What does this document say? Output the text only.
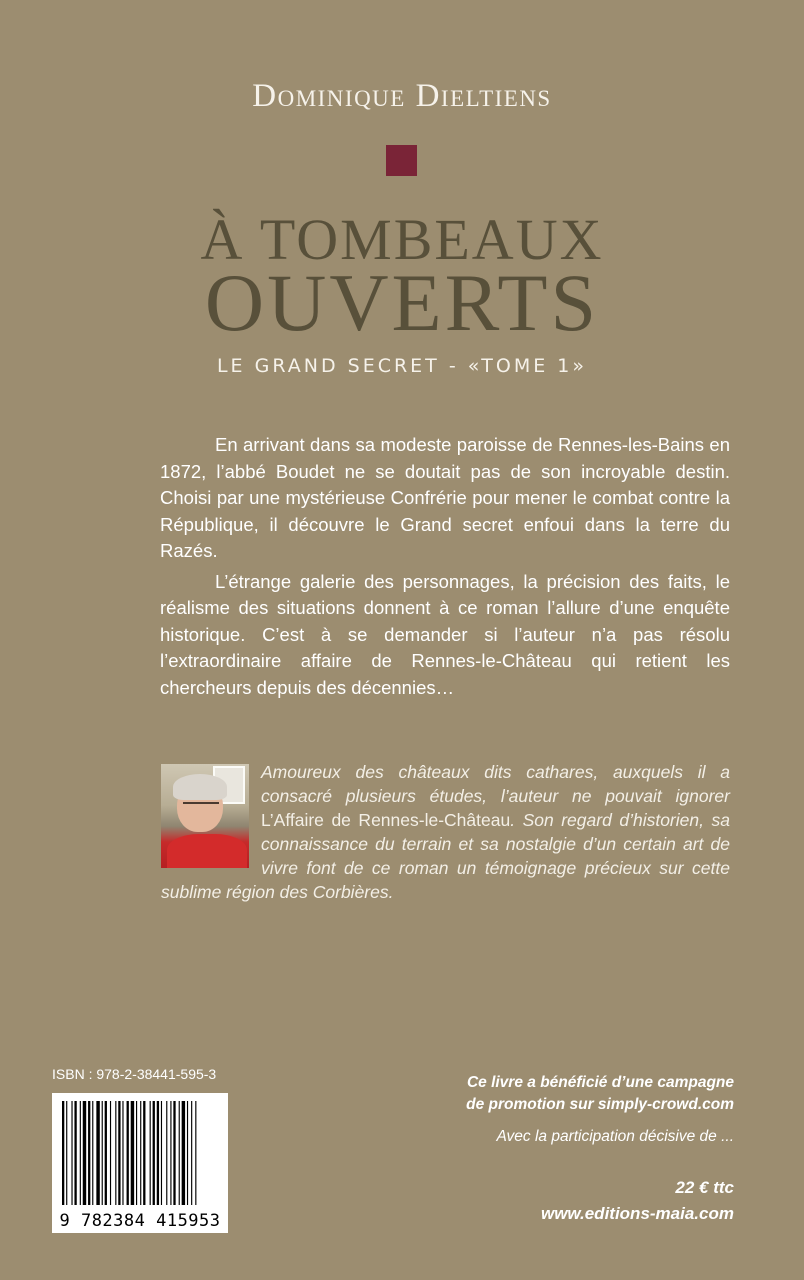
Dominique Dieltiens
À TOMBEAUX
OUVERTS
LE GRAND SECRET - «TOME 1»

En arrivant dans sa modeste paroisse de Rennes-les-Bains en 1872, l’abbé Boudet ne se doutait pas de son incroyable destin. Choisi par une mystérieuse Confrérie pour mener le combat contre la République, il découvre le Grand secret enfoui dans la terre du Razés.

L’étrange galerie des personnages, la précision des faits, le réalisme des situations donnent à ce roman l’allure d’une enquête historique. C’est à se demander si l’auteur n’a pas résolu l’extraordinaire affaire de Rennes-le-Château qui retient les chercheurs depuis des décennies…

Amoureux des châteaux dits cathares, auxquels il a consacré plusieurs études, l’auteur ne pouvait ignorer L’Affaire de Rennes-le-Château. Son regard d’historien, sa connaissance du terrain et sa nostalgie d’un certain art de vivre font de ce roman un témoignage précieux sur cette sublime région des Corbières.
ISBN : 978-2-38441-595-3
9 782384 415953
Ce livre a bénéficié d’une campagne
de promotion sur simply-crowd.com
Avec la participation décisive de ...
22 € ttc
www.editions-maia.com
